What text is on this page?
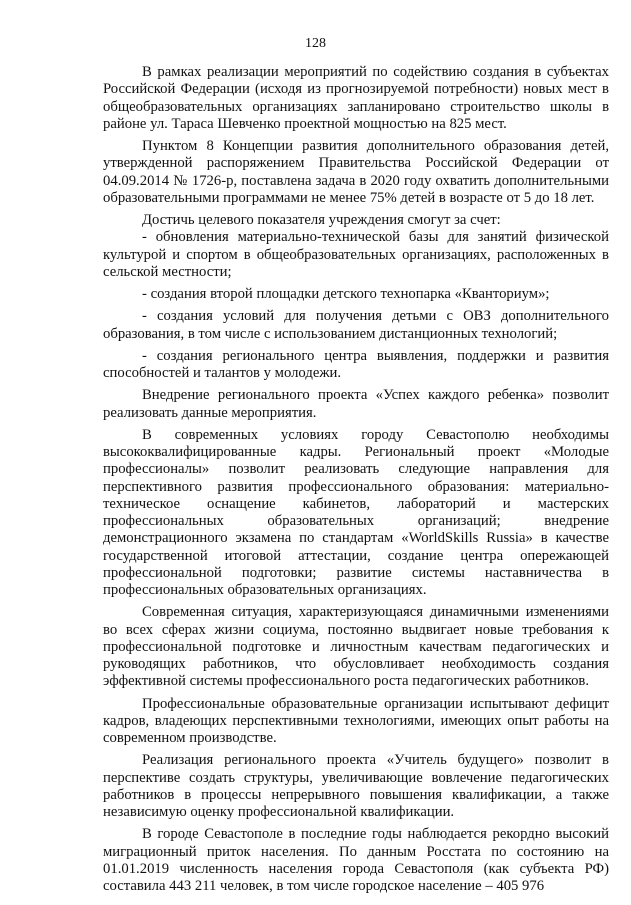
128

В рамках реализации мероприятий по содействию создания в субъектах Российской Федерации (исходя из прогнозируемой потребности) новых мест в общеобразовательных организациях запланировано строительство школы в районе ул. Тараса Шевченко проектной мощностью на 825 мест.

Пунктом 8 Концепции развития дополнительного образования детей, утвержденной распоряжением Правительства Российской Федерации от 04.09.2014 № 1726-р, поставлена задача в 2020 году охватить дополнительными образовательными программами не менее 75% детей в возрасте от 5 до 18 лет.

Достичь целевого показателя учреждения смогут за счет:

- обновления материально-технической базы для занятий физической культурой и спортом в общеобразовательных организациях, расположенных в сельской местности;

- создания второй площадки детского технопарка «Кванториум»;

- создания условий для получения детьми с ОВЗ дополнительного образования, в том числе с использованием дистанционных технологий;

- создания регионального центра выявления, поддержки и развития способностей и талантов у молодежи.

Внедрение регионального проекта «Успех каждого ребенка» позволит реализовать данные мероприятия.

В современных условиях городу Севастополю необходимы высококвалифицированные кадры. Региональный проект «Молодые профессионалы» позволит реализовать следующие направления для перспективного развития профессионального образования: материально-техническое оснащение кабинетов, лабораторий и мастерских профессиональных образовательных организаций; внедрение демонстрационного экзамена по стандартам «WorldSkills Russia» в качестве государственной итоговой аттестации, создание центра опережающей профессиональной подготовки; развитие системы наставничества в профессиональных образовательных организациях.

Современная ситуация, характеризующаяся динамичными изменениями во всех сферах жизни социума, постоянно выдвигает новые требования к профессиональной подготовке и личностным качествам педагогических и руководящих работников, что обусловливает необходимость создания эффективной системы профессионального роста педагогических работников.

Профессиональные образовательные организации испытывают дефицит кадров, владеющих перспективными технологиями, имеющих опыт работы на современном производстве.

Реализация регионального проекта «Учитель будущего» позволит в перспективе создать структуры, увеличивающие вовлечение педагогических работников в процессы непрерывного повышения квалификации, а также независимую оценку профессиональной квалификации.

В городе Севастополе в последние годы наблюдается рекордно высокий миграционный приток населения. По данным Росстата по состоянию на 01.01.2019 численность населения города Севастополя (как субъекта РФ) составила 443 211 человек, в том числе городское население – 405 976
